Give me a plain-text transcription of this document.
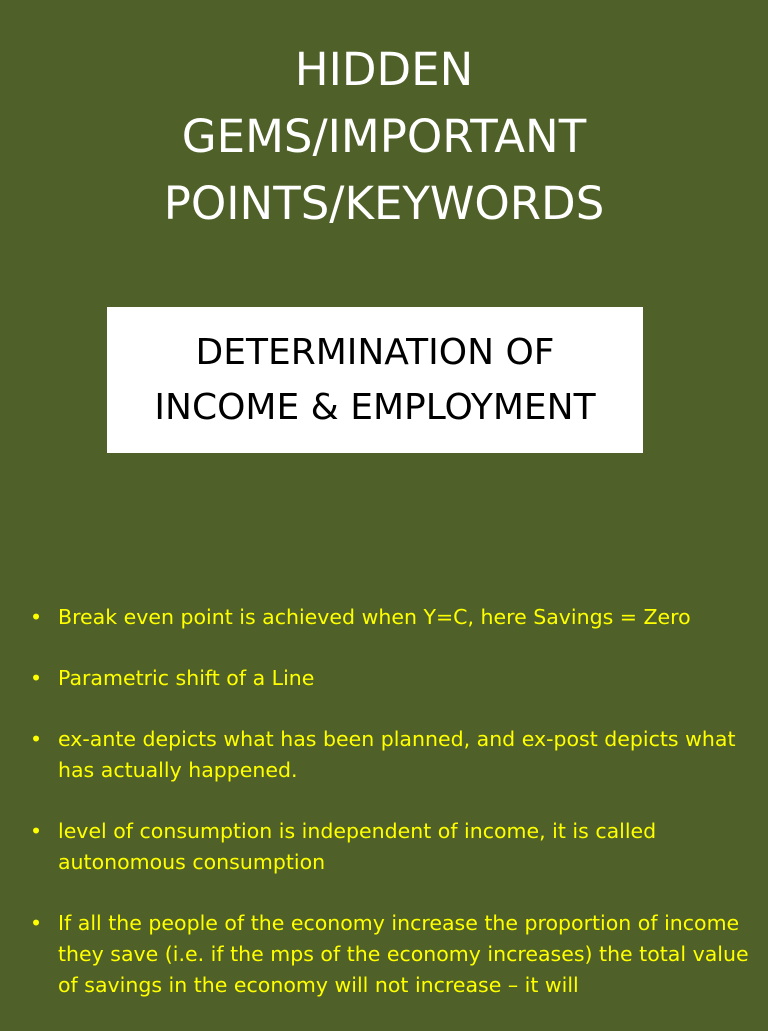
HIDDEN
GEMS/IMPORTANT
POINTS/KEYWORDS

DETERMINATION OF
INCOME & EMPLOYMENT

• Break even point is achieved when Y=C, here Savings = Zero
• Parametric shift of a Line
• ex-ante depicts what has been planned, and ex-post depicts what has actually happened.
• level of consumption is independent of income, it is called autonomous consumption
• If all the people of the economy increase the proportion of income they save (i.e. if the mps of the economy increases) the total value of savings in the economy will not increase – it will
